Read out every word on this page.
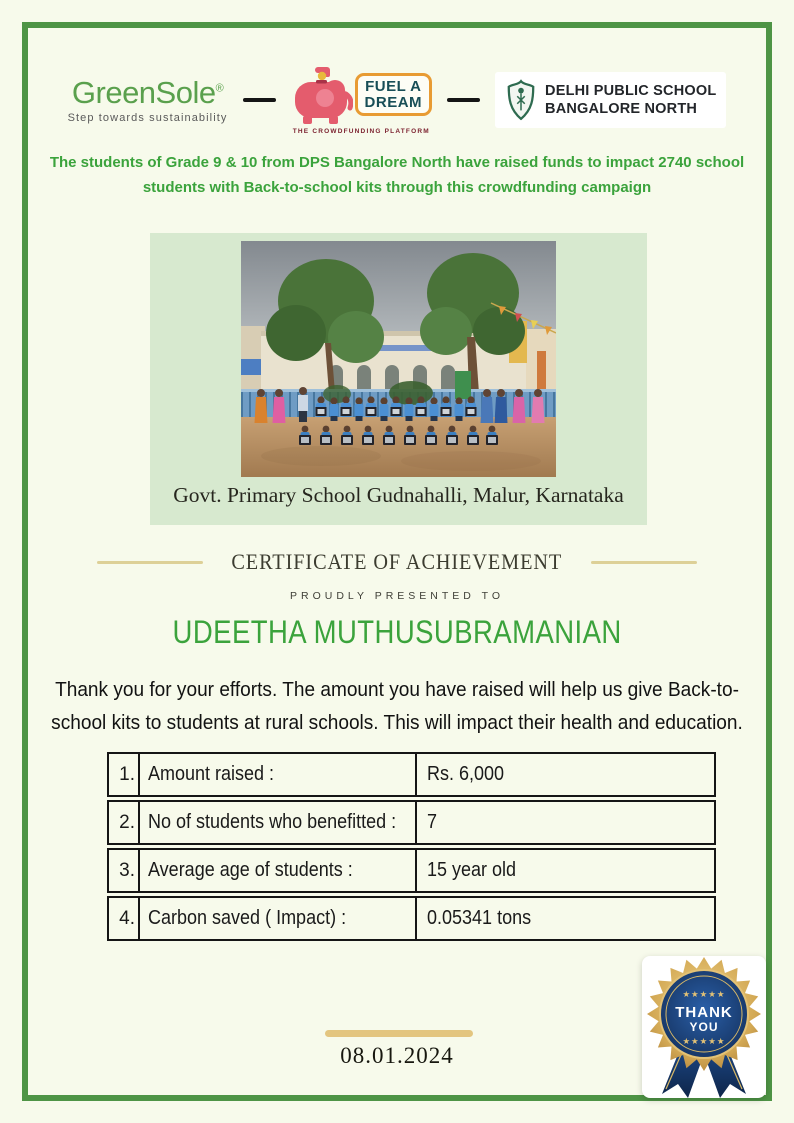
GreenSole®
Step towards sustainability
FUEL A
DREAM
THE CROWDFUNDING PLATFORM
DELHI PUBLIC SCHOOL
BANGALORE NORTH
The students of Grade 9 & 10 from DPS Bangalore North have raised funds to impact 2740 school
students with Back-to-school kits through this crowdfunding campaign
Govt. Primary School Gudnahalli, Malur, Karnataka
CERTIFICATE OF ACHIEVEMENT
PROUDLY PRESENTED TO
UDEETHA MUTHUSUBRAMANIAN
Thank you for your efforts. The amount you have raised will help us give Back-to-
school kits to students at rural schools. This will impact their health and education.
1. Amount raised :	Rs. 6,000
2. No of students who benefitted : 7
3. Average age of students :	15 year old
4. Carbon saved ( Impact) :	0.05341 tons
08.01.2024
★★★★★
THANK
YOU
★★★★★
